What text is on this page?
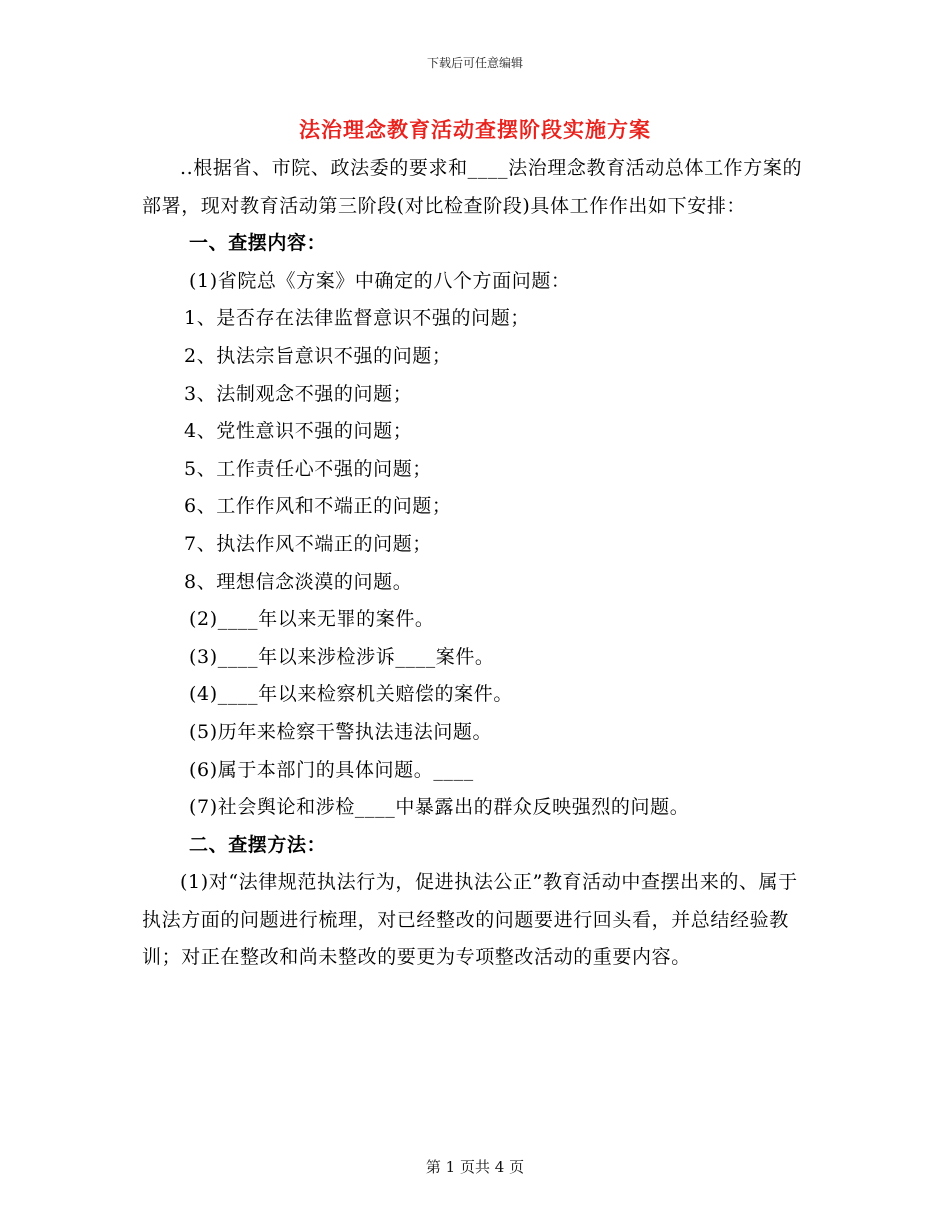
下载后可任意编辑
法治理念教育活动查摆阶段实施方案

..根据省、市院、政法委的要求和____法治理念教育活动总体工作方案的部署，现对教育活动第三阶段(对比检查阶段)具体工作作出如下安排：

一、查摆内容：

(1)省院总《方案》中确定的八个方面问题：

1、是否存在法律监督意识不强的问题；

2、执法宗旨意识不强的问题；

3、法制观念不强的问题；

4、党性意识不强的问题；

5、工作责任心不强的问题；

6、工作作风和不端正的问题；

7、执法作风不端正的问题；

8、理想信念淡漠的问题。

(2)____年以来无罪的案件。

(3)____年以来涉检涉诉____案件。

(4)____年以来检察机关赔偿的案件。

(5)历年来检察干警执法违法问题。

(6)属于本部门的具体问题。____

(7)社会舆论和涉检____中暴露出的群众反映强烈的问题。

二、查摆方法：

(1)对“法律规范执法行为，促进执法公正”教育活动中查摆出来的、属于执法方面的问题进行梳理，对已经整改的问题要进行回头看，并总结经验教训；对正在整改和尚未整改的要更为专项整改活动的重要内容。

第 1 页共 4 页
